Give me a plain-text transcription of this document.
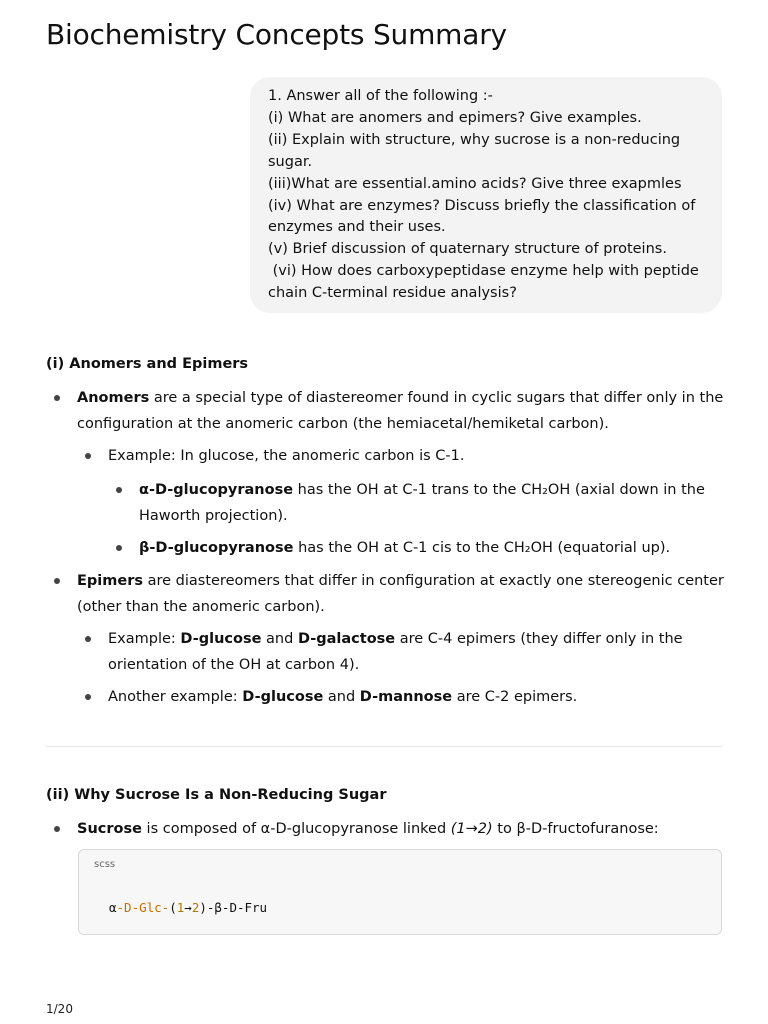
Biochemistry Concepts Summary
1. Answer all of the following :-
(i) What are anomers and epimers? Give examples.
(ii) Explain with structure, why sucrose is a non-reducing
sugar.
(iii)What are essential.amino acids? Give three exapmles
(iv) What are enzymes? Discuss briefly the classification of
enzymes and their uses.
(v) Brief discussion of quaternary structure of proteins.
(vi) How does carboxypeptidase enzyme help with peptide
chain C-terminal residue analysis?
(i) Anomers and Epimers
Anomers are a special type of diastereomer found in cyclic sugars that differ only in the
configuration at the anomeric carbon (the hemiacetal/hemiketal carbon).
Example: In glucose, the anomeric carbon is C-1.
α-D-glucopyranose has the OH at C-1 trans to the CH₂OH (axial down in the
Haworth projection).
β-D-glucopyranose has the OH at C-1 cis to the CH₂OH (equatorial up).
Epimers are diastereomers that differ in configuration at exactly one stereogenic center
(other than the anomeric carbon).
Example: D-glucose and D-galactose are C-4 epimers (they differ only in the
orientation of the OH at carbon 4).
Another example: D-glucose and D-mannose are C-2 epimers.
(ii) Why Sucrose Is a Non-Reducing Sugar
Sucrose is composed of α-D-glucopyranose linked (1→2) to β-D-fructofuranose:
scss
α-D-Glc-(1→2)-β-D-Fru
1/20
